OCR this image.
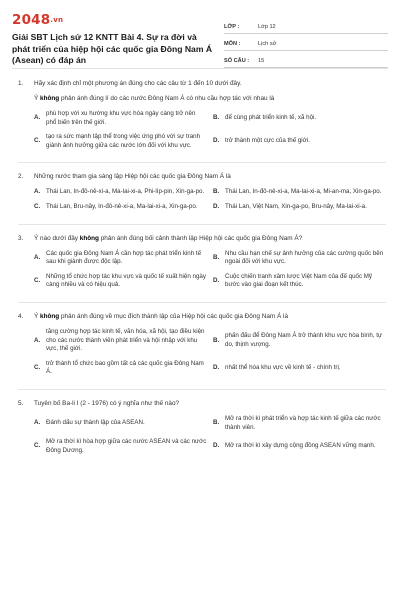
2048.vn
Giải SBT Lịch sử 12 KNTT Bài 4. Sự ra đời và phát triển của hiệp hội các quốc gia Đông Nam Á (Asean) có đáp án
LỚP :	Lớp 12
MÔN :	Lịch sử
SỐ CÂU :	15
1.	Hãy xác định chỉ một phương án đúng cho các câu từ 1 đến 10 dưới đây.
Ý không phản ánh đúng lí do các nước Đông Nam Á có nhu cầu hợp tác với nhau là
A.
phù hợp với xu hướng khu vực hóa ngày càng trở nên phổ biến trên thế giới.
B. để cùng phát triển kinh tế, xã hội.
C.
tạo ra sức mạnh tập thể trong việc ứng phó với sự tranh giành ảnh hưởng giữa các nước lớn đối với khu vực.
D. trở thành một cực của thế giới.
2.	Những nước tham gia sáng lập Hiệp hội các quốc gia Đông Nam Á là
A. Thái Lan, In-đô-nê-xi-a, Ma-lai-xi-a, Phi-líp-pin, Xin-ga-po.	B. Thái Lan, In-đô-nê-xi-a, Ma-lai-xi-a, Mi-an-ma, Xin-ga-po.
C. Thái Lan, Bru-nây, In-đô-nê-xi-a, Ma-lai-xi-a, Xin-ga-po.	D. Thái Lan, Việt Nam, Xin-ga-po, Bru-nây, Ma-lai-xi-a.
3.	Ý nào dưới đây không phản ánh đúng bối cảnh thành lập Hiệp hội các quốc gia Đông Nam Á?
A.
Các quốc gia Đông Nam Á cần hợp tác phát triển kinh tế sau khi giành được độc lập.
B.
Nhu cầu hạn chế sự ảnh hưởng của các cường quốc bên ngoài đối với khu vực.
C.
Những tổ chức hợp tác khu vực và quốc tế xuất hiện ngày càng nhiều và có hiệu quả.
D.
Cuộc chiến tranh xâm lược Việt Nam của đế quốc Mỹ bước vào giai đoạn kết thúc.
4.	Ý không phản ánh đúng về mục đích thành lập của Hiệp hội các quốc gia Đông Nam Á là
A.
tăng cường hợp tác kinh tế, văn hóa, xã hội, tạo điều kiện cho các nước thành viên phát triển và hội nhập với khu vực, thế giới.
B.
phấn đấu để Đông Nam Á trở thành khu vực hòa bình, tự do, thịnh vượng.
C.
trở thành tổ chức bao gồm tất cả các quốc gia Đông Nam Á.
D. nhất thể hóa khu vực về kinh tế - chính trị.
5.	Tuyên bố Ba-li I (2 - 1976) có ý nghĩa như thế nào?
A. Đánh dấu sự thành lập của ASEAN.	B.
Mở ra thời kì phát triển và hợp tác kinh tế giữa các nước thành viên.
C.
Mở ra thời kì hòa hợp giữa các nước ASEAN và các nước Đông Dương.
D. Mở ra thời kì xây dựng cộng đồng ASEAN vững mạnh.
